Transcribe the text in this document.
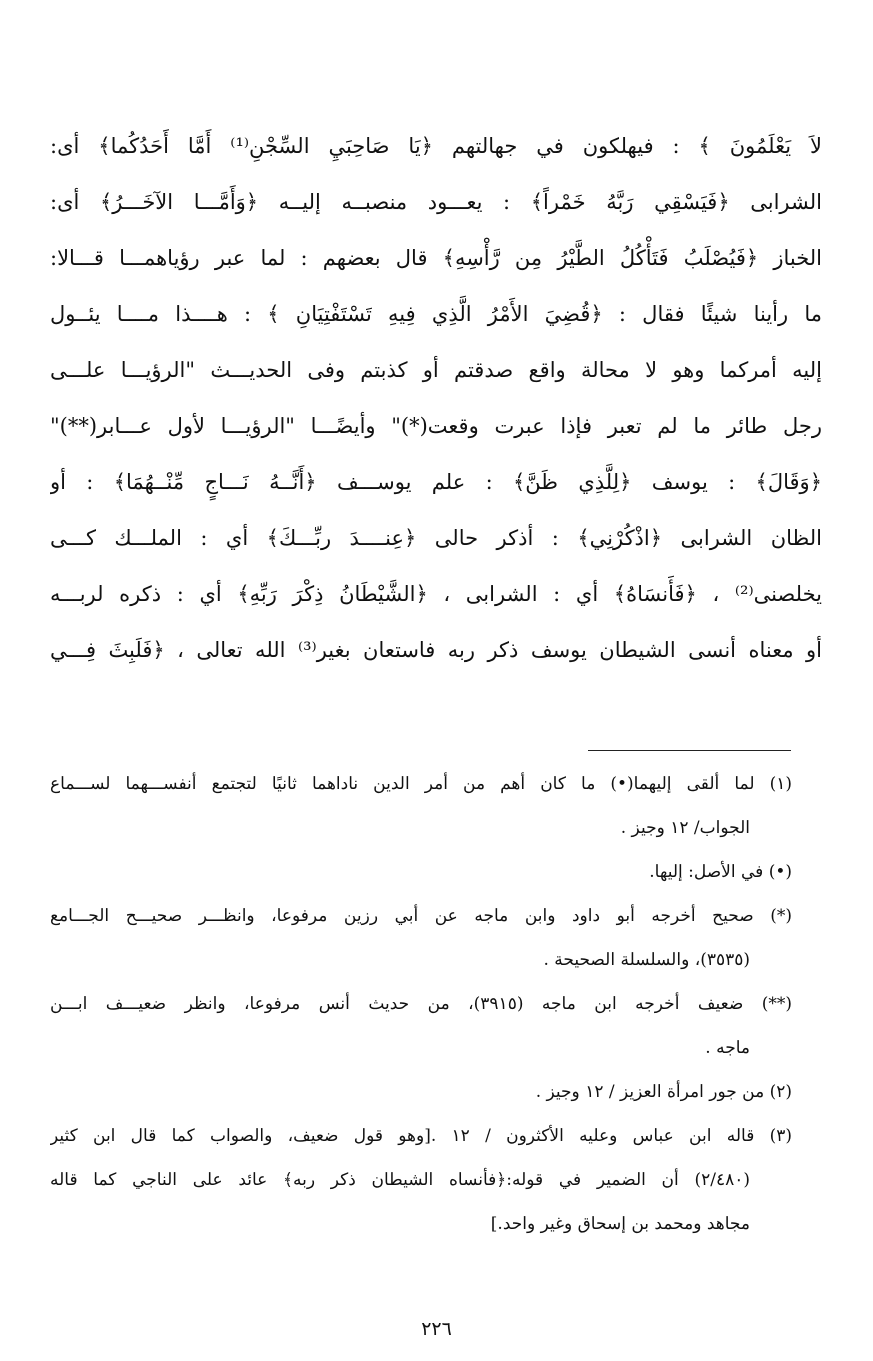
لاَ يَعْلَمُونَ ﴾ : فيهلكون في جهالتهم ﴿يَا صَاحِبَيِ السِّجْنِ⁽¹⁾ أَمَّا أَحَدُكُما﴾ أى:
الشرابى ﴿فَيَسْقِي رَبَّهُ خَمْراً﴾ : يعـــود منصبــه إليــه ﴿وَأَمَّـــا الآخَـــرُ﴾ أى:
الخباز ﴿فَيُصْلَبُ فَتَأْكُلُ الطَّيْرُ مِن رَّأْسِهِ﴾ قال بعضهم : لما عبر رؤياهمـــا قـــالا:
ما رأينا شيئًا فقال : ﴿قُضِيَ الأَمْرُ الَّذِي فِيهِ تَسْتَفْتِيَانِ ﴾ : هــــذا مــــا يئــول
إليه أمركما وهو لا محالة واقع صدقتم أو كذبتم وفى الحديـــث "الرؤيـــا علـــى
رجل طائر ما لم تعبر فإذا عبرت وقعت(*)" وأيضًـــا "الرؤيـــا لأول عـــابر(**)"
﴿وَقَالَ﴾ : يوسف ﴿لِلَّذِي ظَنَّ﴾ : علم يوســـف ﴿أَنَّــهُ نَـــاجٍ مِّنْــهُمَا﴾ : أو
الظان الشرابى ﴿اذْكُرْنِي﴾ : أذكر حالى ﴿عِنــــدَ ربِّـــكَ﴾ أي : الملـــك كـــى
يخلصنى⁽²⁾ ، ﴿فَأَنسَاهُ﴾ أي : الشرابى ، ﴿الشَّيْطَانُ ذِكْرَ رَبِّهِ﴾ أي : ذكره لربـــه
أو معناه أنسى الشيطان يوسف ذكر ربه فاستعان بغير⁽³⁾ الله تعالى ، ﴿فَلَبِثَ فِـــي
(١) لما ألقى إليهما(•) ما كان أهم من أمر الدين ناداهما ثانيًا لتجتمع أنفســـهما لســـماع
الجواب/ ١٢ وجيز .
(•) في الأصل: إليها.
(*) صحيح أخرجه أبو داود وابن ماجه عن أبي رزين مرفوعا، وانظـــر صحيـــح الجـــامع
(٣٥٣٥)، والسلسلة الصحيحة .
(**) ضعيف أخرجه ابن ماجه (٣٩١٥)، من حديث أنس مرفوعا، وانظر ضعيـــف ابـــن
ماجه .
(٢) من جور امرأة العزيز / ١٢ وجيز .
(٣) قاله ابن عباس وعليه الأكثرون / ١٢ .[وهو قول ضعيف، والصواب كما قال ابن كثير
(٢/٤٨٠) أن الضمير في قوله:﴿فأنساه الشيطان ذكر ربه﴾ عائد على الناجي كما قاله
مجاهد ومحمد بن إسحاق وغير واحد.]
٢٢٦
